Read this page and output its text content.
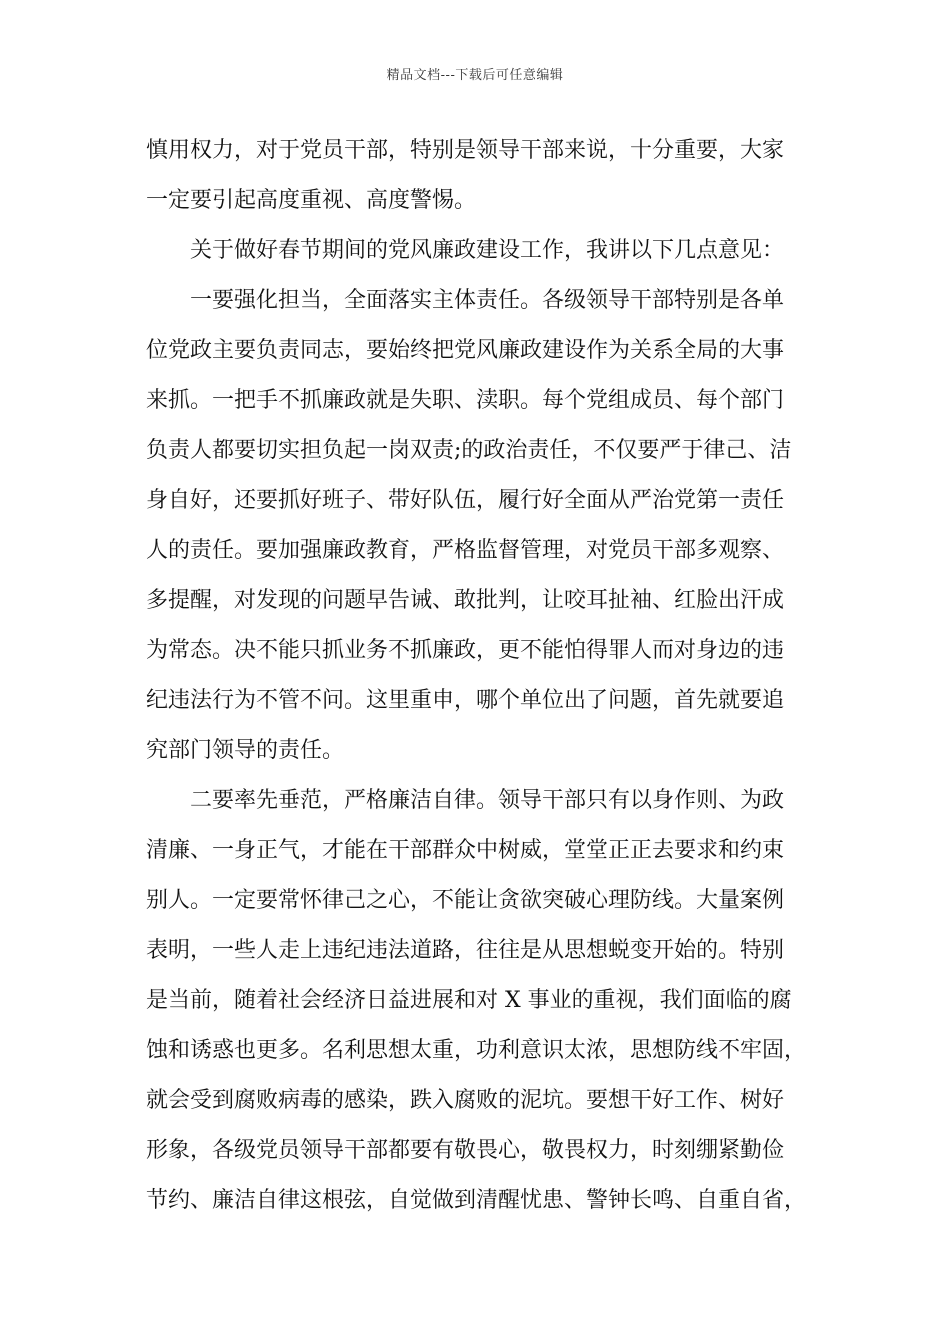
精品文档---下载后可任意编辑
慎用权力，对于党员干部，特别是领导干部来说，十分重要，大家
一定要引起高度重视、高度警惕。
关于做好春节期间的党风廉政建设工作，我讲以下几点意见：
一要强化担当，全面落实主体责任。各级领导干部特别是各单
位党政主要负责同志，要始终把党风廉政建设作为关系全局的大事
来抓。一把手不抓廉政就是失职、渎职。每个党组成员、每个部门
负责人都要切实担负起一岗双责;的政治责任，不仅要严于律己、洁
身自好，还要抓好班子、带好队伍，履行好全面从严治党第一责任
人的责任。要加强廉政教育，严格监督管理，对党员干部多观察、
多提醒，对发现的问题早告诫、敢批判，让咬耳扯袖、红脸出汗成
为常态。决不能只抓业务不抓廉政，更不能怕得罪人而对身边的违
纪违法行为不管不问。这里重申，哪个单位出了问题，首先就要追
究部门领导的责任。
二要率先垂范，严格廉洁自律。领导干部只有以身作则、为政
清廉、一身正气，才能在干部群众中树威，堂堂正正去要求和约束
别人。一定要常怀律己之心，不能让贪欲突破心理防线。大量案例
表明，一些人走上违纪违法道路，往往是从思想蜕变开始的。特别
是当前，随着社会经济日益进展和对 X 事业的重视，我们面临的腐
蚀和诱惑也更多。名利思想太重，功利意识太浓，思想防线不牢固，
就会受到腐败病毒的感染，跌入腐败的泥坑。要想干好工作、树好
形象，各级党员领导干部都要有敬畏心，敬畏权力，时刻绷紧勤俭
节约、廉洁自律这根弦，自觉做到清醒忧患、警钟长鸣、自重自省，
